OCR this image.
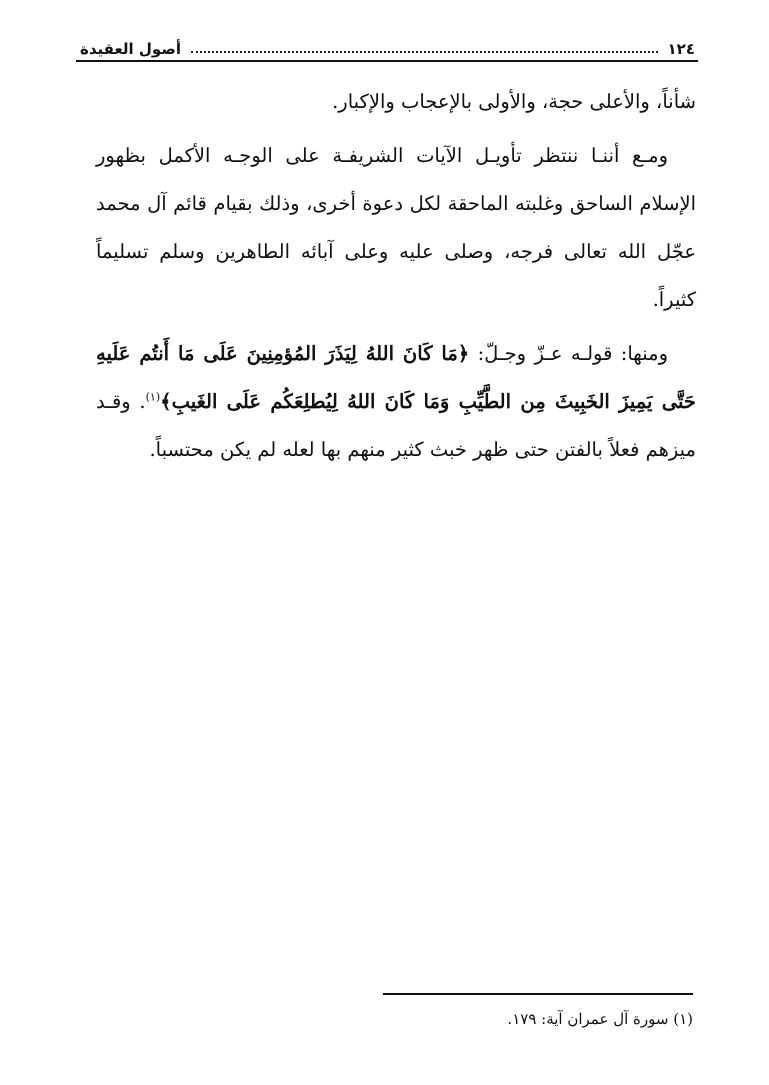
١٢٤
أصول العقيدة

شأناً، والأعلى حجة، والأولى بالإعجاب والإكبار.

ومـع أننـا ننتظر تأويـل الآيات الشريفـة على الوجـه الأكمل بظهور الإسلام الساحق وغلبته الماحقة لكل دعوة أخرى، وذلك بقيام قائم آل محمد عجّل الله تعالى فرجه، وصلى عليه وعلى آبائه الطاهرين وسلم تسليماً كثيراً.

ومنها: قولـه عـزّ وجـلّ: ﴿مَا كَانَ اللهُ لِيَذَرَ المُؤمِنِينَ عَلَى مَا أَنتُم عَلَيهِ حَتَّى يَمِيزَ الخَبِيثَ مِن الطَّيِّبِ وَمَا كَانَ اللهُ لِيُطلِعَكُم عَلَى الغَيبِ﴾$^{(١)}$. وقـد ميزهم فعلاً بالفتن حتى ظهر خبث كثير منهم بها لعله لم يكن محتسباً.

(١) سورة آل عمران آية: ١٧٩.
